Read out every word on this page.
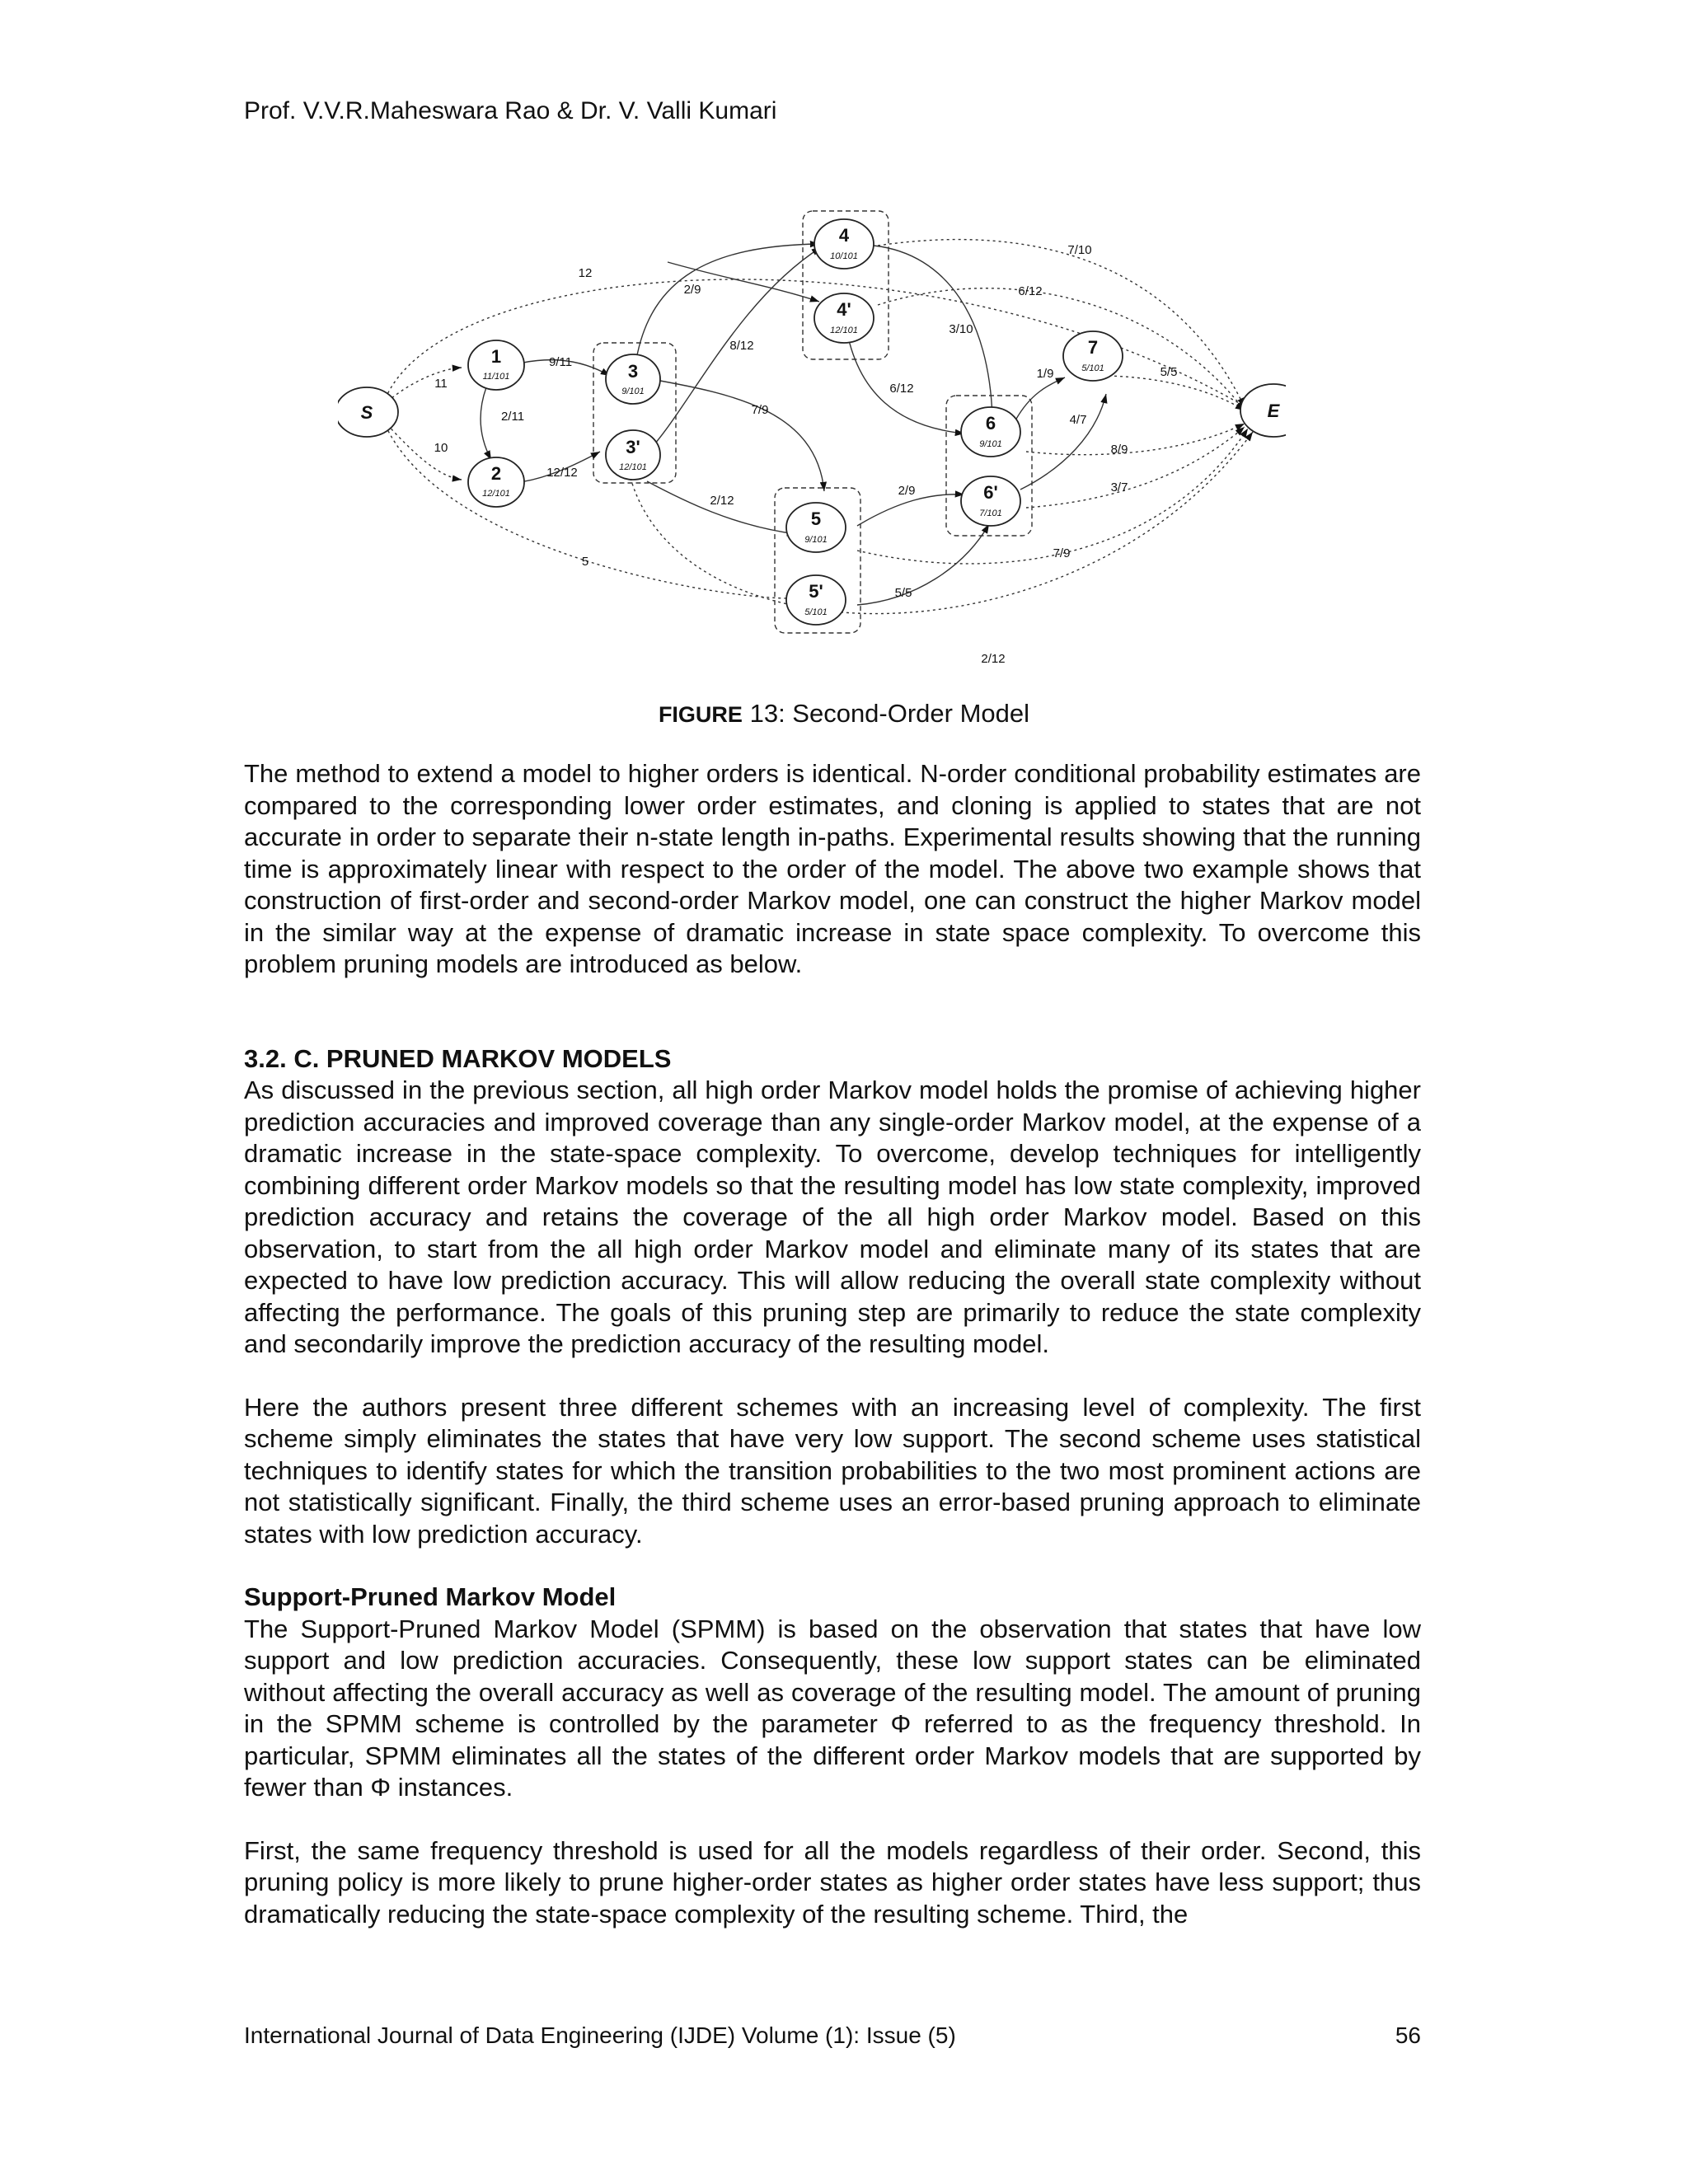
Prof. V.V.R.Maheswara Rao & Dr. V. Valli Kumari
S
1
2
3
3'
4
4'
5
5'
6
6'
7
E
11/101
12/101
9/101
12/101
10/101
12/101
9/101
5/101
9/101
7/101
5/101
12
11
10
5
9/11
2/11
12/12
2/9
8/12
7/9
2/12
3/10
6/12
7/10
6/12
1/9
4/7
8/9
5/5
3/7
2/9
7/9
5/5
2/12
FIGURE 13: Second-Order Model

The method to extend a model to higher orders is identical. N-order conditional probability estimates are compared to the corresponding lower order estimates, and cloning is applied to states that are not accurate in order to separate their n-state length in-paths. Experimental results showing that the running time is approximately linear with respect to the order of the model. The above two example shows that construction of first-order and second-order Markov model, one can construct the higher Markov model in the similar way at the expense of dramatic increase in state space complexity. To overcome this problem pruning models are introduced as below.

3.2. C. PRUNED MARKOV MODELS

As discussed in the previous section, all high order Markov model holds the promise of achieving higher prediction accuracies and improved coverage than any single-order Markov model, at the expense of a dramatic increase in the state-space complexity. To overcome, develop techniques for intelligently combining different order Markov models so that the resulting model has low state complexity, improved prediction accuracy and retains the coverage of the all high order Markov model. Based on this observation, to start from the all high order Markov model and eliminate many of its states that are expected to have low prediction accuracy. This will allow reducing the overall state complexity without affecting the performance. The goals of this pruning step are primarily to reduce the state complexity and secondarily improve the prediction accuracy of the resulting model.

Here the authors present three different schemes with an increasing level of complexity. The first scheme simply eliminates the states that have very low support. The second scheme uses statistical techniques to identify states for which the transition probabilities to the two most prominent actions are not statistically significant. Finally, the third scheme uses an error-based pruning approach to eliminate states with low prediction accuracy.

Support-Pruned Markov Model

The Support-Pruned Markov Model (SPMM) is based on the observation that states that have low support and low prediction accuracies. Consequently, these low support states can be eliminated without affecting the overall accuracy as well as coverage of the resulting model. The amount of pruning in the SPMM scheme is controlled by the parameter Φ referred to as the frequency threshold. In particular, SPMM eliminates all the states of the different order Markov models that are supported by fewer than Φ instances.

First, the same frequency threshold is used for all the models regardless of their order. Second, this pruning policy is more likely to prune higher-order states as higher order states have less support; thus dramatically reducing the state-space complexity of the resulting scheme. Third, the

International Journal of Data Engineering (IJDE) Volume (1): Issue (5)	56
